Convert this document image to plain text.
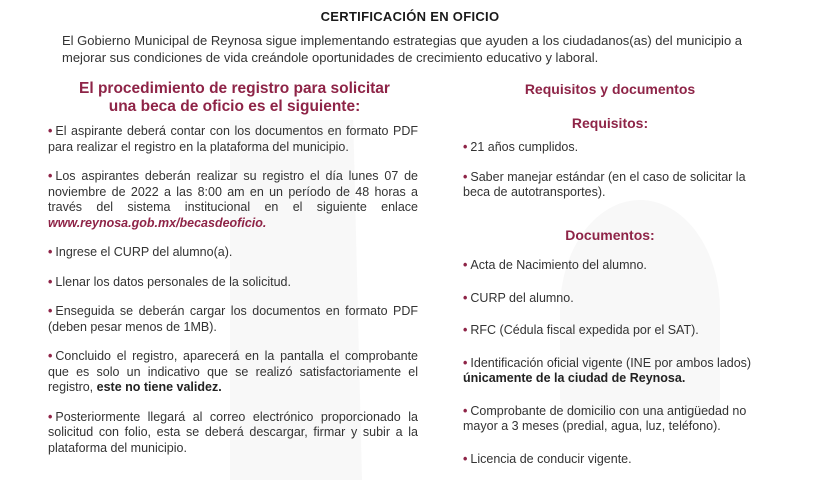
CERTIFICACIÓN EN OFICIO
El Gobierno Municipal de Reynosa sigue implementando estrategias que ayuden a los ciudadanos(as) del municipio a mejorar sus condiciones de vida creándole oportunidades de crecimiento educativo y laboral.
El procedimiento de registro para solicitar
una beca de oficio es el siguiente:
• El aspirante deberá contar con los documentos en formato PDF para realizar el registro en la plataforma del municipio.
• Los aspirantes deberán realizar su registro el día lunes 07 de noviembre de 2022 a las 8:00 am en un período de 48 horas a través del sistema institucional en el siguiente enlace www.reynosa.gob.mx/becasdeoficio.
• Ingrese el CURP del alumno(a).
• Llenar los datos personales de la solicitud.
• Enseguida se deberán cargar los documentos en formato PDF (deben pesar menos de 1MB).
• Concluido el registro, aparecerá en la pantalla el comprobante que es solo un indicativo que se realizó satisfactoriamente el registro, este no tiene validez.
• Posteriormente llegará al correo electrónico proporcionado la solicitud con folio, esta se deberá descargar, firmar y subir a la plataforma del municipio.
Requisitos y documentos
Requisitos:
• 21 años cumplidos.
• Saber manejar estándar (en el caso de solicitar la beca de autotransportes).
Documentos:
• Acta de Nacimiento del alumno.
• CURP del alumno.
• RFC (Cédula fiscal expedida por el SAT).
• Identificación oficial vigente (INE por ambos lados) únicamente de la ciudad de Reynosa.
• Comprobante de domicilio con una antigüedad no mayor a 3 meses (predial, agua, luz, teléfono).
• Licencia de conducir vigente.
